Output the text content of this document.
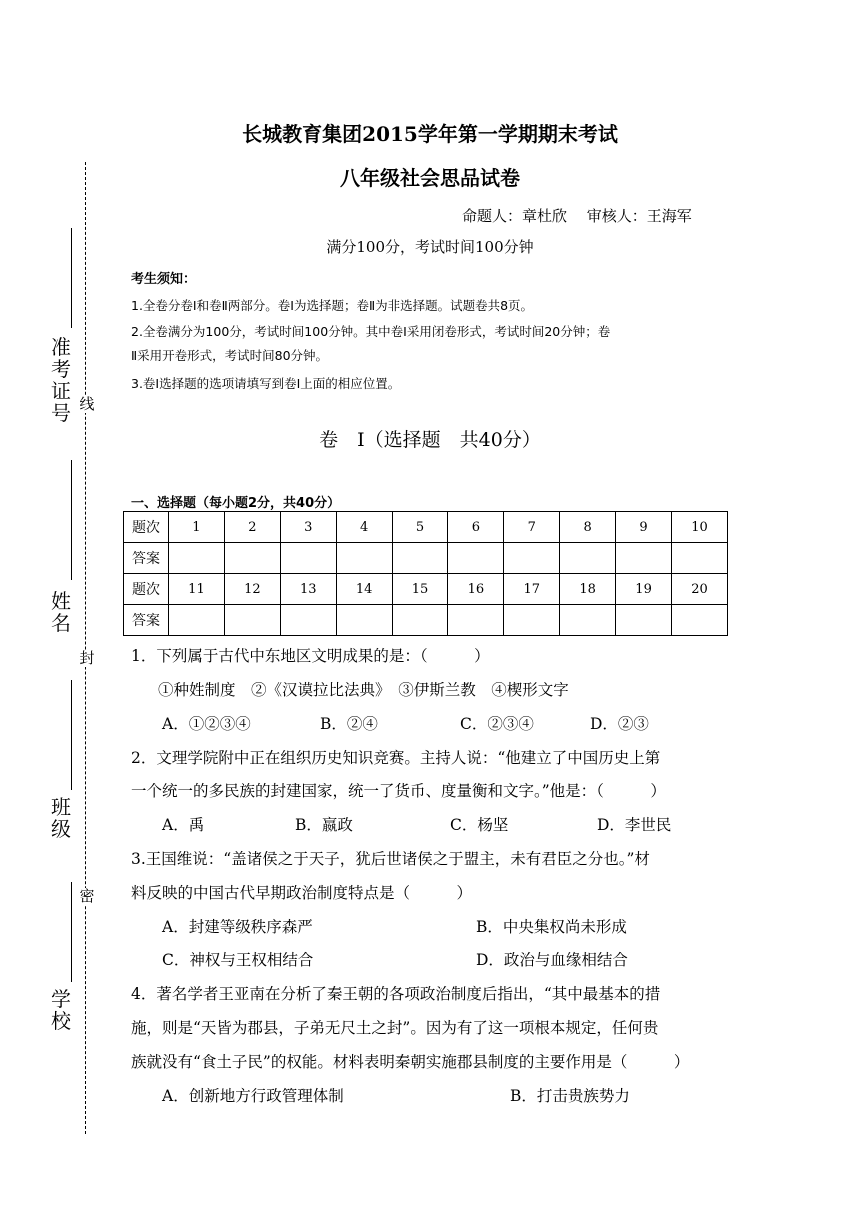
准考证号
姓名
班级
学校
线
封
密
长城教育集团2015学年第一学期期末考试
八年级社会思品试卷
命题人：章杜欣　 审核人：王海军
满分100分，考试时间100分钟
考生须知：
1.全卷分卷Ⅰ和卷Ⅱ两部分。卷Ⅰ为选择题；卷Ⅱ为非选择题。试题卷共8页。
2.全卷满分为100分，考试时间100分钟。其中卷Ⅰ采用闭卷形式，考试时间20分钟；卷
Ⅱ采用开卷形式，考试时间80分钟。
3.卷Ⅰ选择题的选项请填写到卷Ⅰ上面的相应位置。
卷　Ⅰ（选择题　共40分）
一、选择题（每小题2分，共40分）
题次	1	2	3	4	5	6	7	8	9	10
答案										
题次	11	12	13	14	15	16	17	18	19	20
答案										
1．下列属于古代中东地区文明成果的是：（　　　）
①种姓制度　②《汉谟拉比法典》　③伊斯兰教　④楔形文字
A．①②③④	B．②④	C．②③④	D．②③
2．文理学院附中正在组织历史知识竞赛。主持人说：“他建立了中国历史上第
一个统一的多民族的封建国家，统一了货币、度量衡和文字。”他是：（　　　）
A．禹	B．嬴政	C．杨坚	D．李世民
3.王国维说：“盖诸侯之于天子，犹后世诸侯之于盟主，未有君臣之分也。”材
料反映的中国古代早期政治制度特点是（　　　）
A．封建等级秩序森严	B．中央集权尚未形成
C．神权与王权相结合	D．政治与血缘相结合
4．著名学者王亚南在分析了秦王朝的各项政治制度后指出，“其中最基本的措
施，则是“天皆为郡县，子弟无尺土之封”。因为有了这一项根本规定，任何贵
族就没有“食土子民”的权能。材料表明秦朝实施郡县制度的主要作用是（　　　）
A．创新地方行政管理体制	B．打击贵族势力
